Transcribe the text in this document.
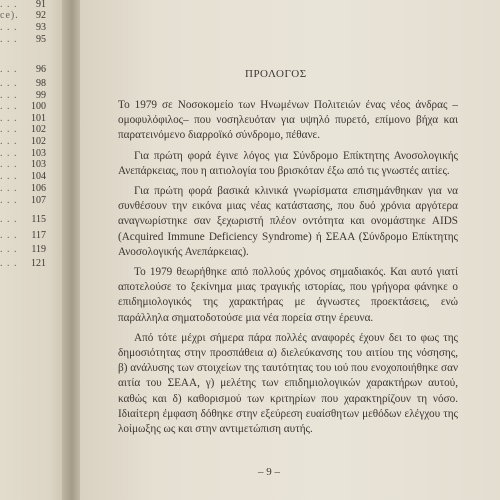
. . . 91
ce). 92
. . . 93
. . . 95
. . . 96
. . . 98
. . . 99
. . . 100
. . . 101
. . . 102
. . . 102
. . . 103
. . . 103
. . . 104
. . . 106
. . . 107
. . . 115
. . . 117
. . . 119
. . . 121
ΠΡΟΛΟΓΟΣ

Το 1979 σε Νοσοκομείο των Ηνωμένων Πολιτειών ένας νέος άνδρας –ομοφυλόφιλος– που νοσηλευόταν για υψηλό πυρετό, επίμονο βήχα και παρατεινόμενο διαρροϊκό σύνδρομο, πέθανε.

Για πρώτη φορά έγινε λόγος για Σύνδρομο Επίκτητης Ανοσολογικής Ανεπάρκειας, που η αιτιολογία του βρισκόταν έξω από τις γνωστές αιτίες.

Για πρώτη φορά βασικά κλινικά γνωρίσματα επισημάνθηκαν για να συνθέσουν την εικόνα μιας νέας κατάστασης, που δυό χρόνια αργότερα αναγνωρίστηκε σαν ξεχωριστή πλέον οντότητα και ονομάστηκε AIDS (Acquired Immune Deficiency Syndrome) ή ΣΕΑΑ (Σύνδρομο Επίκτητης Ανοσολογικής Ανεπάρκειας).

Το 1979 θεωρήθηκε από πολλούς χρόνος σημαδιακός. Και αυτό γιατί αποτελούσε το ξεκίνημα μιας τραγικής ιστορίας, που γρήγορα φάνηκε ο επιδημιολογικός της χαρακτήρας με άγνωστες προεκτάσεις, ενώ παράλληλα σηματοδοτούσε μια νέα πορεία στην έρευνα.

Από τότε μέχρι σήμερα πάρα πολλές αναφορές έχουν δει το φως της δημοσιότητας στην προσπάθεια α) διελεύκανσης του αιτίου της νόσησης, β) ανάλυσης των στοιχείων της ταυτότητας του ιού που ενοχοποιήθηκε σαν αιτία του ΣΕΑΑ, γ) μελέτης των επιδημιολογικών χαρακτήρων αυτού, καθώς και δ) καθορισμού των κριτηρίων που χαρακτηρίζουν τη νόσο. Ιδιαίτερη έμφαση δόθηκε στην εξεύρεση ευαίσθητων μεθόδων ελέγχου της λοίμωξης ως και στην αντιμετώπιση αυτής.

– 9 –
